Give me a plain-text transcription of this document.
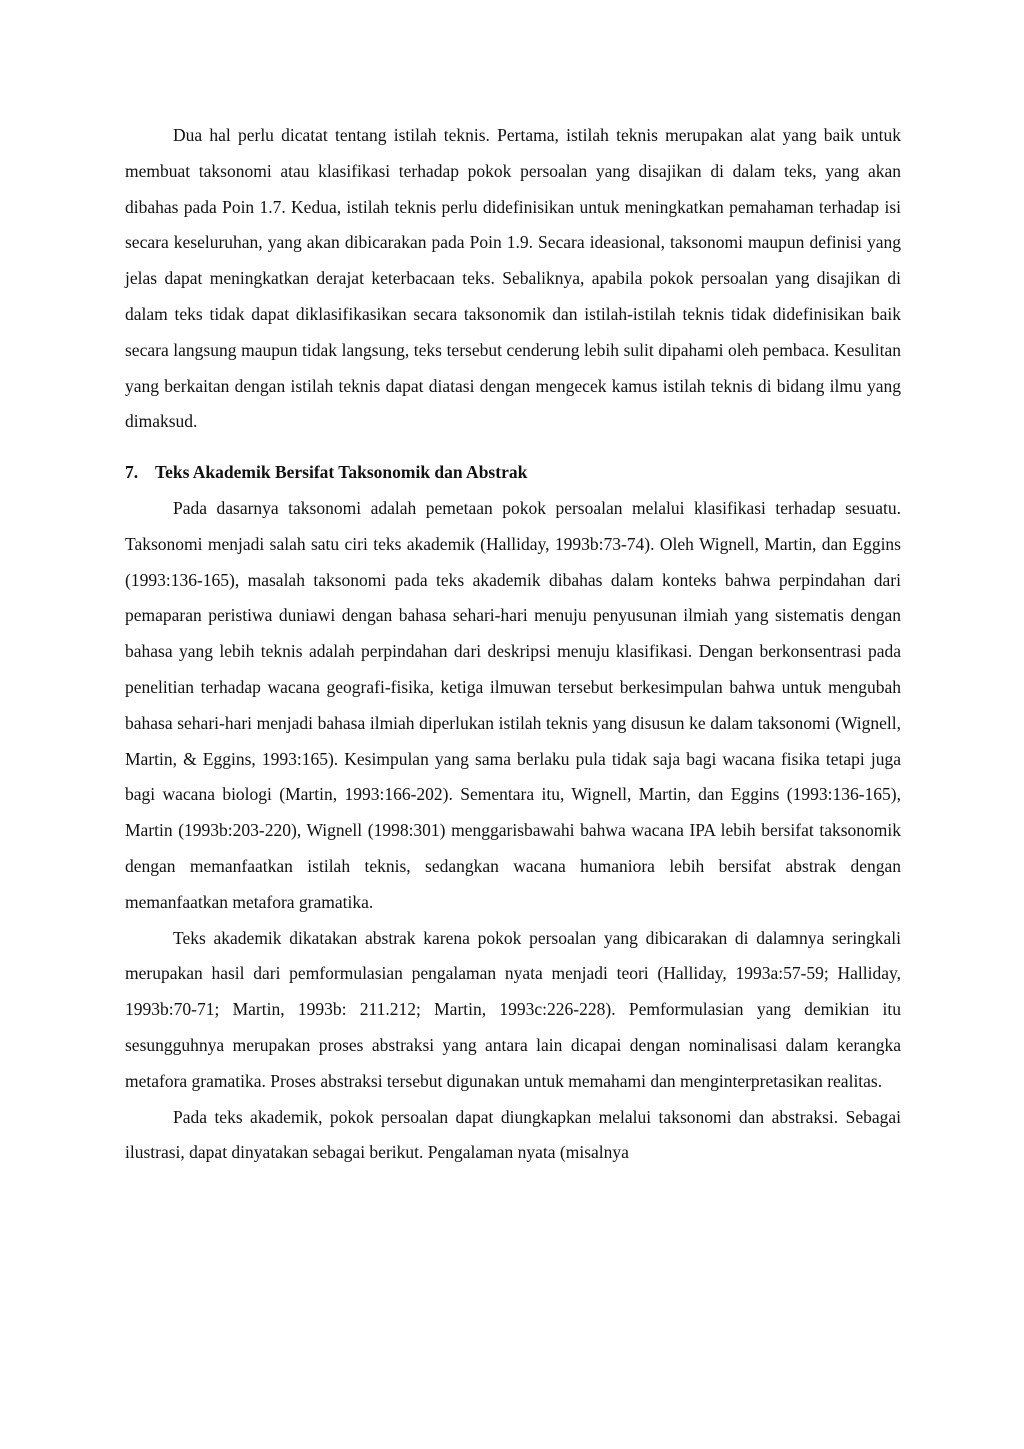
Dua hal perlu dicatat tentang istilah teknis. Pertama, istilah teknis merupakan alat yang baik untuk membuat taksonomi atau klasifikasi terhadap pokok persoalan yang disajikan di dalam teks, yang akan dibahas pada Poin 1.7. Kedua, istilah teknis perlu didefinisikan untuk meningkatkan pemahaman terhadap isi secara keseluruhan, yang akan dibicarakan pada Poin 1.9. Secara ideasional, taksonomi maupun definisi yang jelas dapat meningkatkan derajat keterbacaan teks. Sebaliknya, apabila pokok persoalan yang disajikan di dalam teks tidak dapat diklasifikasikan secara taksonomik dan istilah-istilah teknis tidak didefinisikan baik secara langsung maupun tidak langsung, teks tersebut cenderung lebih sulit dipahami oleh pembaca. Kesulitan yang berkaitan dengan istilah teknis dapat diatasi dengan mengecek kamus istilah teknis di bidang ilmu yang dimaksud.

7. Teks Akademik Bersifat Taksonomik dan Abstrak

Pada dasarnya taksonomi adalah pemetaan pokok persoalan melalui klasifikasi terhadap sesuatu. Taksonomi menjadi salah satu ciri teks akademik (Halliday, 1993b:73-74). Oleh Wignell, Martin, dan Eggins (1993:136-165), masalah taksonomi pada teks akademik dibahas dalam konteks bahwa perpindahan dari pemaparan peristiwa duniawi dengan bahasa sehari-hari menuju penyusunan ilmiah yang sistematis dengan bahasa yang lebih teknis adalah perpindahan dari deskripsi menuju klasifikasi. Dengan berkonsentrasi pada penelitian terhadap wacana geografi-fisika, ketiga ilmuwan tersebut berkesimpulan bahwa untuk mengubah bahasa sehari-hari menjadi bahasa ilmiah diperlukan istilah teknis yang disusun ke dalam taksonomi (Wignell, Martin, & Eggins, 1993:165). Kesimpulan yang sama berlaku pula tidak saja bagi wacana fisika tetapi juga bagi wacana biologi (Martin, 1993:166-202). Sementara itu, Wignell, Martin, dan Eggins (1993:136-165), Martin (1993b:203-220), Wignell (1998:301) menggarisbawahi bahwa wacana IPA lebih bersifat taksonomik dengan memanfaatkan istilah teknis, sedangkan wacana humaniora lebih bersifat abstrak dengan memanfaatkan metafora gramatika.

Teks akademik dikatakan abstrak karena pokok persoalan yang dibicarakan di dalamnya seringkali merupakan hasil dari pemformulasian pengalaman nyata menjadi teori (Halliday, 1993a:57-59; Halliday, 1993b:70-71; Martin, 1993b: 211.212; Martin, 1993c:226-228). Pemformulasian yang demikian itu sesungguhnya merupakan proses abstraksi yang antara lain dicapai dengan nominalisasi dalam kerangka metafora gramatika. Proses abstraksi tersebut digunakan untuk memahami dan menginterpretasikan realitas.

Pada teks akademik, pokok persoalan dapat diungkapkan melalui taksonomi dan abstraksi. Sebagai ilustrasi, dapat dinyatakan sebagai berikut. Pengalaman nyata (misalnya
